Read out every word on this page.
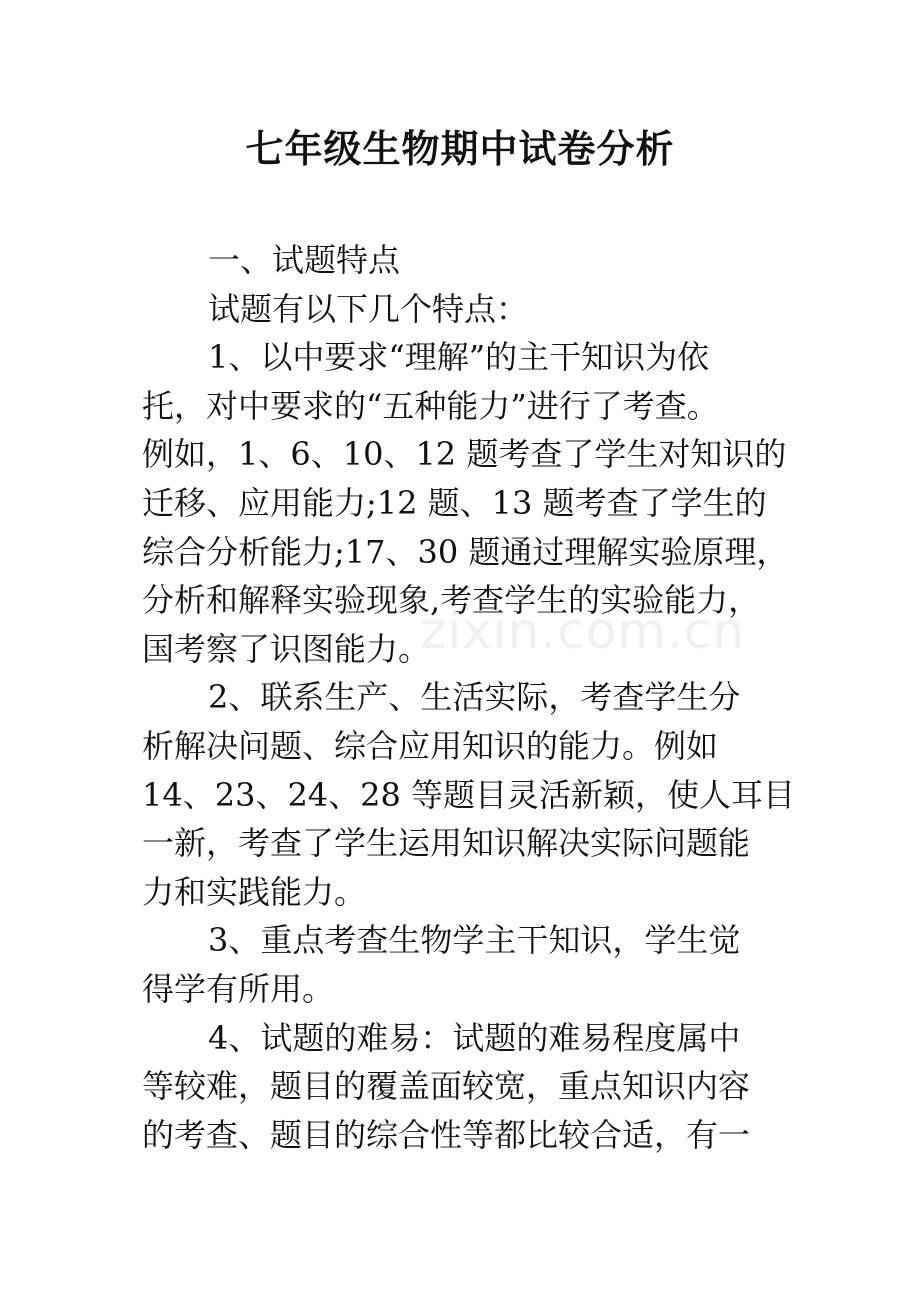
七年级生物期中试卷分析
一、试题特点
试题有以下几个特点：
1、以中要求“理解”的主干知识为依
托，对中要求的“五种能力”进行了考查。
例如，1、6、10、12 题考查了学生对知识的
迁移、应用能力;12 题、13 题考查了学生的
综合分析能力;17、30 题通过理解实验原理，
分析和解释实验现象,考查学生的实验能力，
国考察了识图能力。
2、联系生产、生活实际，考查学生分
析解决问题、综合应用知识的能力。例如
14、23、24、28 等题目灵活新颖，使人耳目
一新，考查了学生运用知识解决实际问题能
力和实践能力。
3、重点考查生物学主干知识，学生觉
得学有所用。
4、试题的难易：试题的难易程度属中
等较难，题目的覆盖面较宽，重点知识内容
的考查、题目的综合性等都比较合适，有一
zixin.com.cn
